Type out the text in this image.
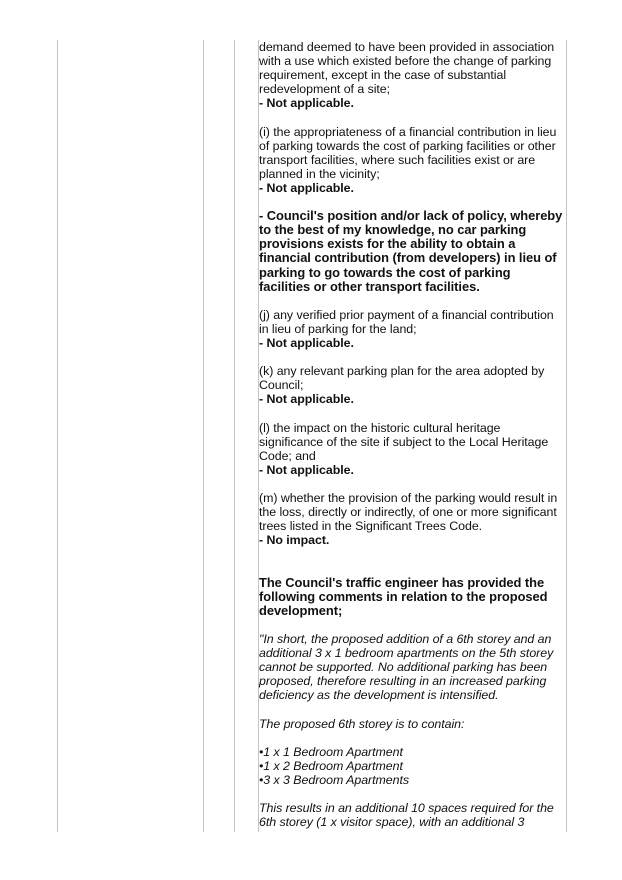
demand deemed to have been provided in association with a use which existed before the change of parking requirement, except in the case of substantial redevelopment of a site;

- Not applicable.

(i) the appropriateness of a financial contribution in lieu of parking towards the cost of parking facilities or other transport facilities, where such facilities exist or are planned in the vicinity;

- Not applicable.

- Council's position and/or lack of policy, whereby to the best of my knowledge, no car parking provisions exists for the ability to obtain a financial contribution (from developers) in lieu of parking to go towards the cost of parking facilities or other transport facilities.

(j) any verified prior payment of a financial contribution in lieu of parking for the land;

- Not applicable.

(k) any relevant parking plan for the area adopted by Council;

- Not applicable.

(l) the impact on the historic cultural heritage significance of the site if subject to the Local Heritage Code; and

- Not applicable.

(m) whether the provision of the parking would result in the loss, directly or indirectly, of one or more significant trees listed in the Significant Trees Code.

- No impact.

The Council's traffic engineer has provided the following comments in relation to the proposed development;

"In short, the proposed addition of a 6th storey and an additional 3 x 1 bedroom apartments on the 5th storey cannot be supported. No additional parking has been proposed, therefore resulting in an increased parking deficiency as the development is intensified.

The proposed 6th storey is to contain:

•1 x 1 Bedroom Apartment

•1 x 2 Bedroom Apartment

•3 x 3 Bedroom Apartments

This results in an additional 10 spaces required for the 6th storey (1 x visitor space), with an additional 3
